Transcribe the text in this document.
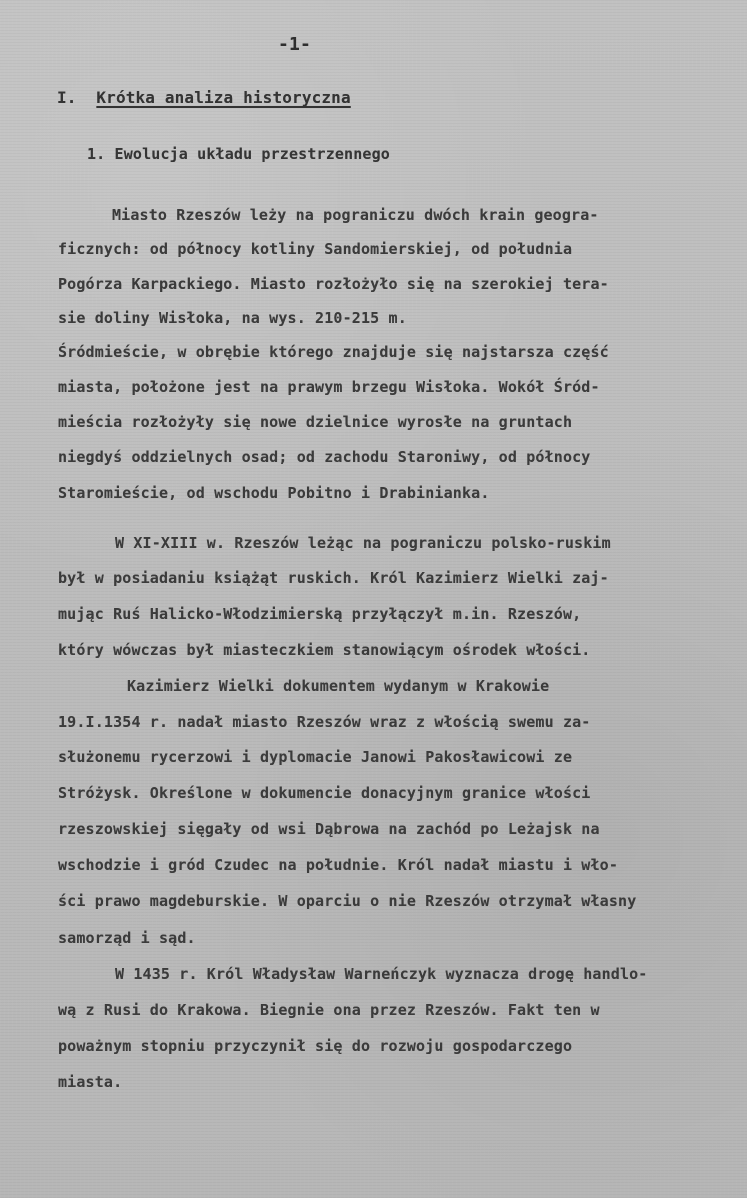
-1-
I. Krótka analiza historyczna
1. Ewolucja układu przestrzennego
Miasto Rzeszów leży na pograniczu dwóch krain geogra-
ficznych: od północy kotliny Sandomierskiej, od południa
Pogórza Karpackiego. Miasto rozłożyło się na szerokiej tera-
sie doliny Wisłoka, na wys. 210-215 m.
Śródmieście, w obrębie którego znajduje się najstarsza część
miasta, położone jest na prawym brzegu Wisłoka. Wokół Śród-
mieścia rozłożyły się nowe dzielnice wyrosłe na gruntach
niegdyś oddzielnych osad; od zachodu Staroniwy, od północy
Staromieście, od wschodu Pobitno i Drabinianka.
W XI-XIII w. Rzeszów leżąc na pograniczu polsko-ruskim
był w posiadaniu książąt ruskich. Król Kazimierz Wielki zaj-
mując Ruś Halicko-Włodzimierską przyłączył m.in. Rzeszów,
który wówczas był miasteczkiem stanowiącym ośrodek włości.
Kazimierz Wielki dokumentem wydanym w Krakowie
19.I.1354 r. nadał miasto Rzeszów wraz z włością swemu za-
służonemu rycerzowi i dyplomacie Janowi Pakosławicowi ze
Stróżysk. Określone w dokumencie donacyjnym granice włości
rzeszowskiej sięgały od wsi Dąbrowa na zachód po Leżajsk na
wschodzie i gród Czudec na południe. Król nadał miastu i wło-
ści prawo magdeburskie. W oparciu o nie Rzeszów otrzymał własny
samorząd i sąd.
W 1435 r. Król Władysław Warneńczyk wyznacza drogę handlo-
wą z Rusi do Krakowa. Biegnie ona przez Rzeszów. Fakt ten w
poważnym stopniu przyczynił się do rozwoju gospodarczego
miasta.
